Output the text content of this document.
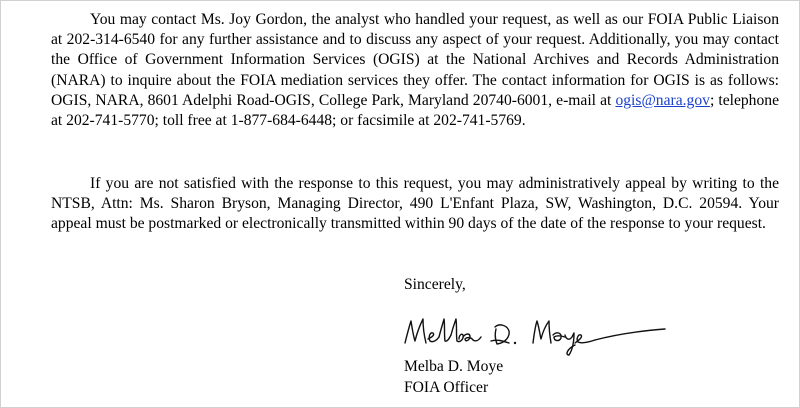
You may contact Ms. Joy Gordon, the analyst who handled your request, as well as our FOIA Public Liaison at 202-314-6540 for any further assistance and to discuss any aspect of your request. Additionally, you may contact the Office of Government Information Services (OGIS) at the National Archives and Records Administration (NARA) to inquire about the FOIA mediation services they offer. The contact information for OGIS is as follows: OGIS, NARA, 8601 Adelphi Road-OGIS, College Park, Maryland 20740-6001, e-mail at ogis@nara.gov; telephone at 202-741-5770; toll free at 1-877-684-6448; or facsimile at 202-741-5769.

If you are not satisfied with the response to this request, you may administratively appeal by writing to the NTSB, Attn: Ms. Sharon Bryson, Managing Director, 490 L'Enfant Plaza, SW, Washington, D.C. 20594. Your appeal must be postmarked or electronically transmitted within 90 days of the date of the response to your request.

Sincerely,
Melba D. Moye
FOIA Officer
